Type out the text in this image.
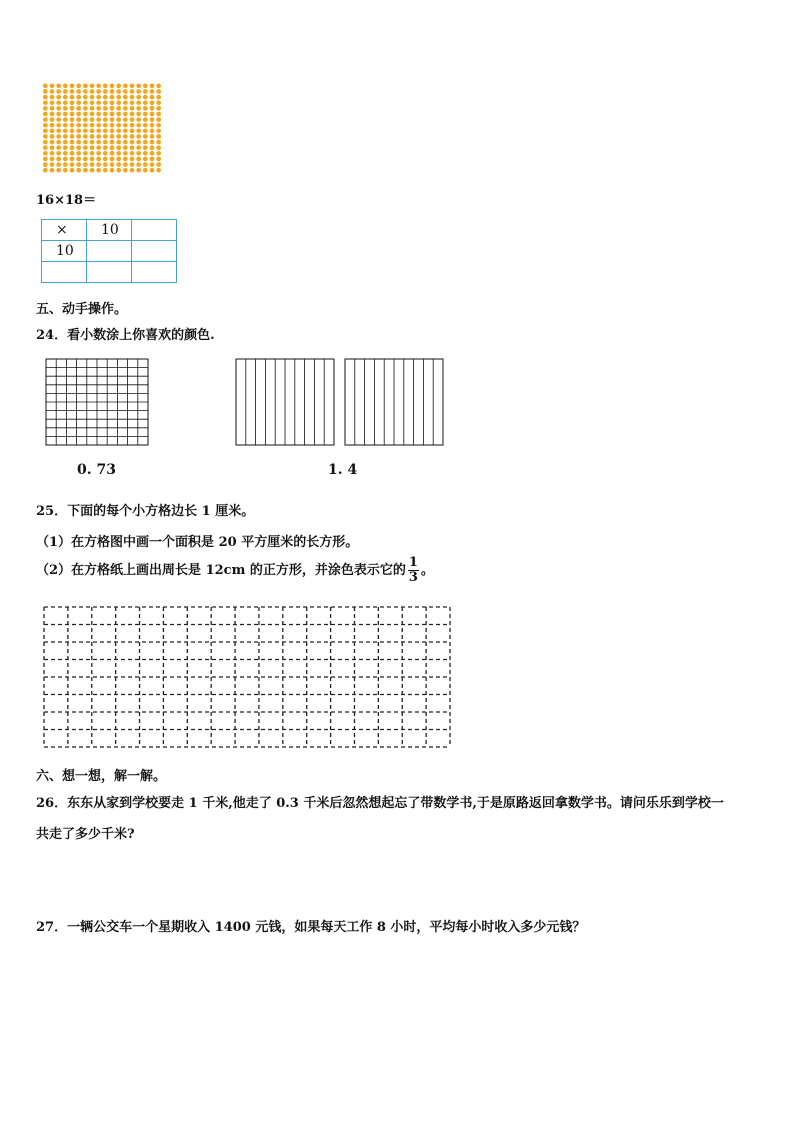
16×18＝
×	10	
10		

五、动手操作。
24．看小数涂上你喜欢的颜色.
0. 73	1. 4
25．下面的每个小方格边长 1 厘米。
（1）在方格图中画一个面积是 20 平方厘米的长方形。
（2）在方格纸上画出周长是 12cm 的正方形，并涂色表示它的 $\frac{1}{3}$ 。
六、想一想，解一解。
26．东东从家到学校要走 1 千米,他走了 0.3 千米后忽然想起忘了带数学书,于是原路返回拿数学书。请问乐乐到学校一
共走了多少千米?
27．一辆公交车一个星期收入 1400 元钱，如果每天工作 8 小时，平均每小时收入多少元钱？
